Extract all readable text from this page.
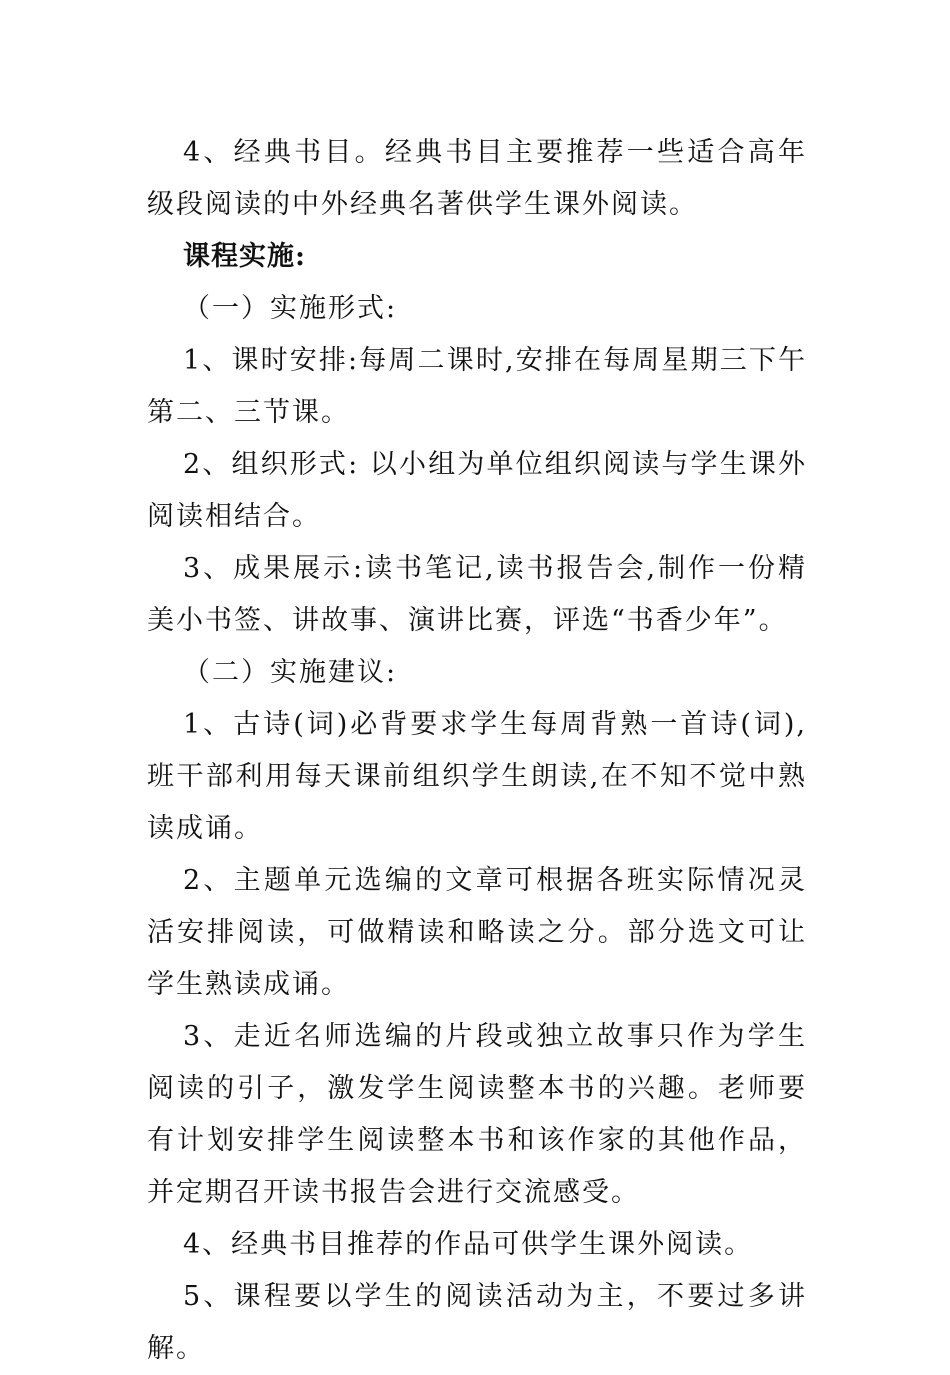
4、经典书目。经典书目主要推荐一些适合高年级段阅读的中外经典名著供学生课外阅读。

课程实施:

（一）实施形式:

1、课时安排:每周二课时,安排在每周星期三下午第二、三节课。

2、组织形式: 以小组为单位组织阅读与学生课外阅读相结合。

3、成果展示:读书笔记,读书报告会,制作一份精美小书签、讲故事、演讲比赛，评选“书香少年”。

（二）实施建议:

1、古诗(词)必背要求学生每周背熟一首诗(词),班干部利用每天课前组织学生朗读,在不知不觉中熟读成诵。

2、主题单元选编的文章可根据各班实际情况灵活安排阅读，可做精读和略读之分。部分选文可让学生熟读成诵。

3、走近名师选编的片段或独立故事只作为学生阅读的引子，激发学生阅读整本书的兴趣。老师要有计划安排学生阅读整本书和该作家的其他作品，并定期召开读书报告会进行交流感受。

4、经典书目推荐的作品可供学生课外阅读。

5、课程要以学生的阅读活动为主，不要过多讲解。
